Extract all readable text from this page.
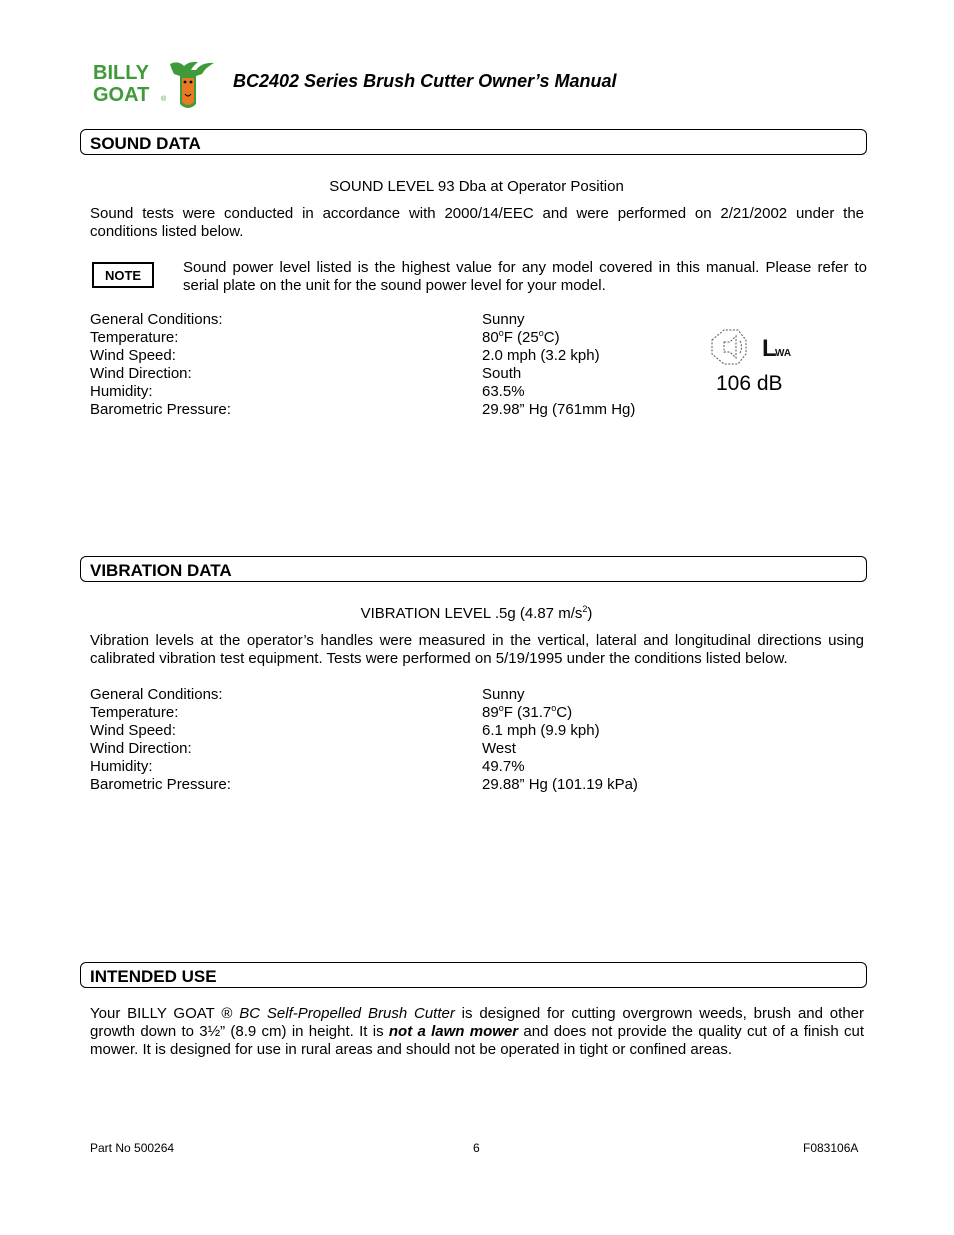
BILLY
GOAT ®
BC2402 Series Brush Cutter Owner’s Manual
SOUND DATA
SOUND LEVEL 93 Dba at Operator Position
Sound tests were conducted in accordance with 2000/14/EEC and were performed on 2/21/2002 under the conditions listed below.
NOTE	Sound power level listed is the highest value for any model covered in this manual. Please refer to serial plate on the unit for the sound power level for your model.
General Conditions:	Sunny
Temperature:	80$^o$F (25$^o$C)
Wind Speed:	2.0 mph (3.2 kph)
Wind Direction:	South
Humidity:	63.5%
Barometric Pressure:	29.98” Hg (761mm Hg)
L
WA
106 dB
VIBRATION DATA
VIBRATION LEVEL .5g (4.87 $m/s^2$)
Vibration levels at the operator’s handles were measured in the vertical, lateral and longitudinal directions using calibrated vibration test equipment. Tests were performed on 5/19/1995 under the conditions listed below.
General Conditions:	Sunny
Temperature:	89$^o$F (31.7$^o$C)
Wind Speed:	6.1 mph (9.9 kph)
Wind Direction:	West
Humidity:	49.7%
Barometric Pressure:	29.88” Hg (101.19 kPa)
INTENDED USE
Your BILLY GOAT ® BC Self-Propelled Brush Cutter is designed for cutting overgrown weeds, brush and other growth down to 3½” (8.9 cm) in height. It is not a lawn mower and does not provide the quality cut of a finish cut mower. It is designed for use in rural areas and should not be operated in tight or confined areas.
Part No 500264	6	F083106A
